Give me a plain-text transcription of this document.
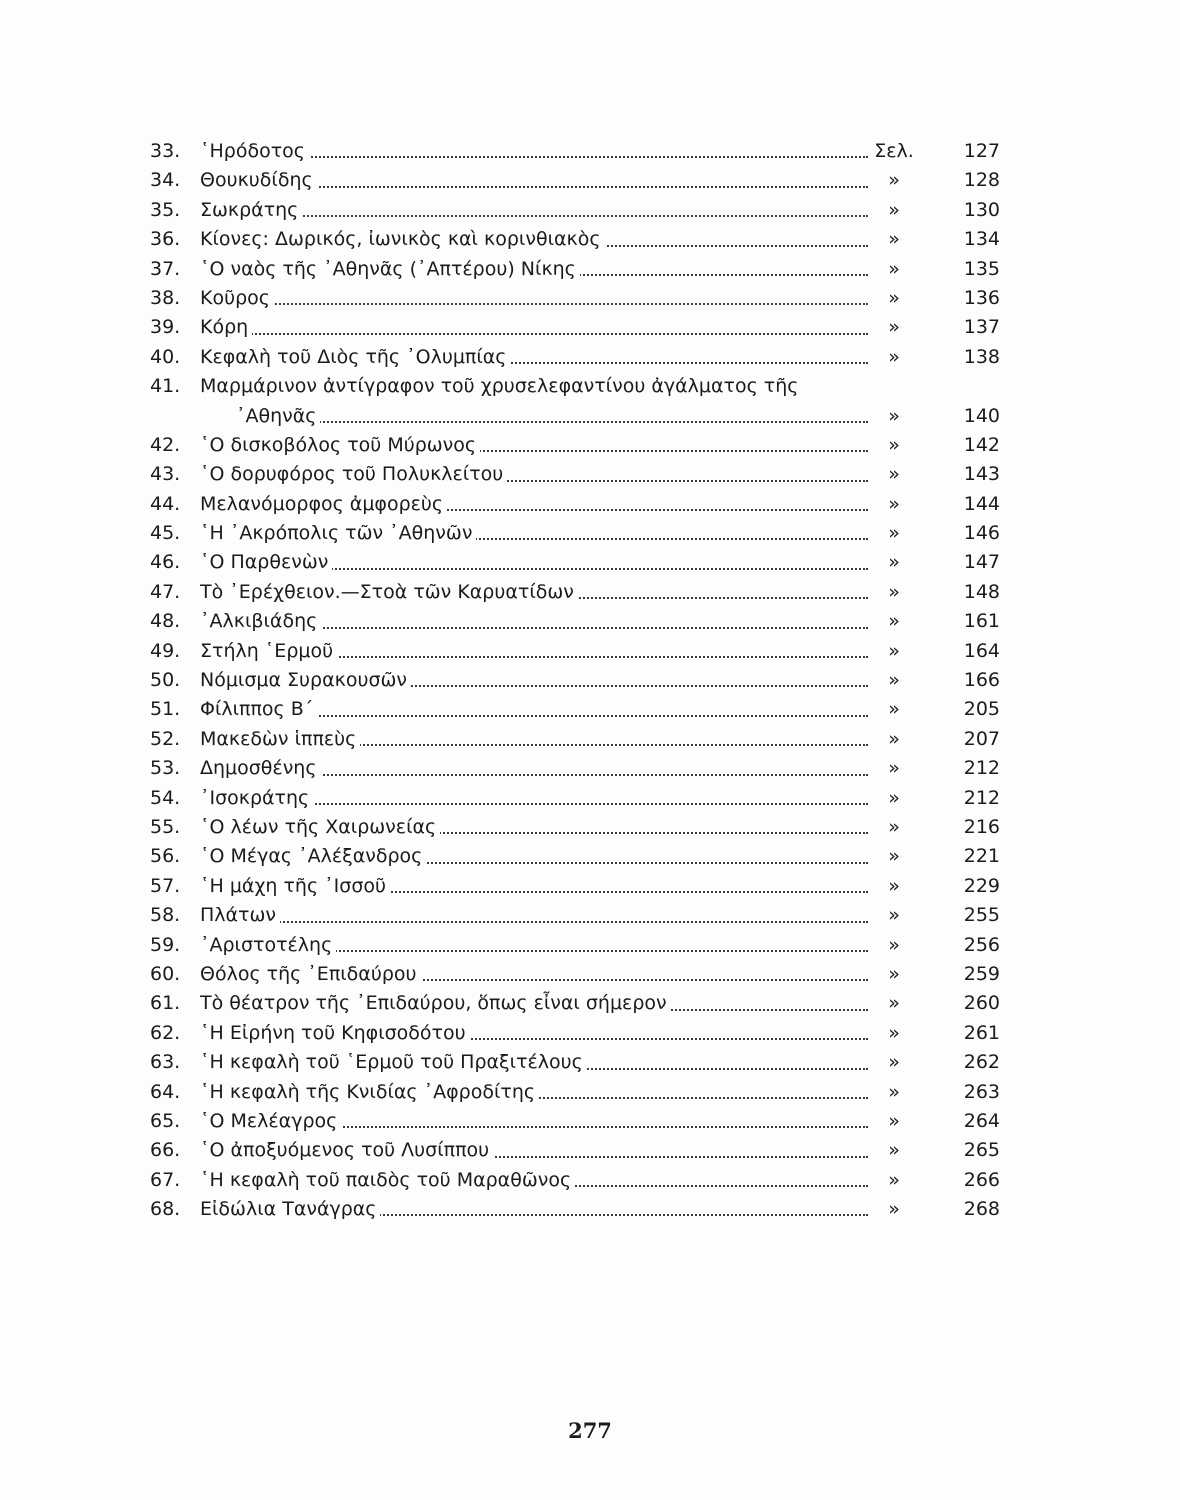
33.	῾Ηρόδοτος	Σελ.	127
34.	Θουκυδίδης	»	128
35.	Σωκράτης	»	130
36.	Κίονες: Δωρικός, ἰωνικὸς καὶ κορινθιακὸς	»	134
37.	῾Ο ναὸς τῆς ᾽Αθηνᾶς (᾽Απτέρου) Νίκης	»	135
38.	Κοῦρος	»	136
39.	Κόρη	»	137
40.	Κεφαλὴ τοῦ Διὸς τῆς ᾽Ολυμπίας	»	138
41.	Μαρμάρινον ἀντίγραφον τοῦ χρυσελεφαντίνου ἀγάλματος τῆς
᾽Αθηνᾶς	»	140
42.	῾Ο δισκοβόλος τοῦ Μύρωνος	»	142
43.	῾Ο δορυφόρος τοῦ Πολυκλείτου	»	143
44.	Μελανόμορφος ἀμφορεὺς	»	144
45.	῾Η ᾽Ακρόπολις τῶν ᾽Αθηνῶν	»	146
46.	῾Ο Παρθενὼν	»	147
47.	Τὸ ᾽Ερέχθειον.—Στοὰ τῶν Καρυατίδων	»	148
48.	᾽Αλκιβιάδης	»	161
49.	Στήλη ῾Ερμοῦ	»	164
50.	Νόμισμα Συρακουσῶν	»	166
51.	Φίλιππος Β΄	»	205
52.	Μακεδὼν ἱππεὺς	»	207
53.	Δημοσθένης	»	212
54.	᾽Ισοκράτης	»	212
55.	῾Ο λέων τῆς Χαιρωνείας	»	216
56.	῾Ο Μέγας ᾽Αλέξανδρος	»	221
57.	῾Η μάχη τῆς ᾽Ισσοῦ	»	229
58.	Πλάτων	»	255
59.	᾽Αριστοτέλης	»	256
60.	Θόλος τῆς ᾽Επιδαύρου	»	259
61.	Τὸ θέατρον τῆς ᾽Επιδαύρου, ὅπως εἶναι σήμερον	»	260
62.	῾Η Εἰρήνη τοῦ Κηφισοδότου	»	261
63.	῾Η κεφαλὴ τοῦ ῾Ερμοῦ τοῦ Πραξιτέλους	»	262
64.	῾Η κεφαλὴ τῆς Κνιδίας ᾽Αφροδίτης	»	263
65.	῾Ο Μελέαγρος	»	264
66.	῾Ο ἀποξυόμενος τοῦ Λυσίππου	»	265
67.	῾Η κεφαλὴ τοῦ παιδὸς τοῦ Μαραθῶνος	»	266
68.	Εἰδώλια Τανάγρας	»	268
277
